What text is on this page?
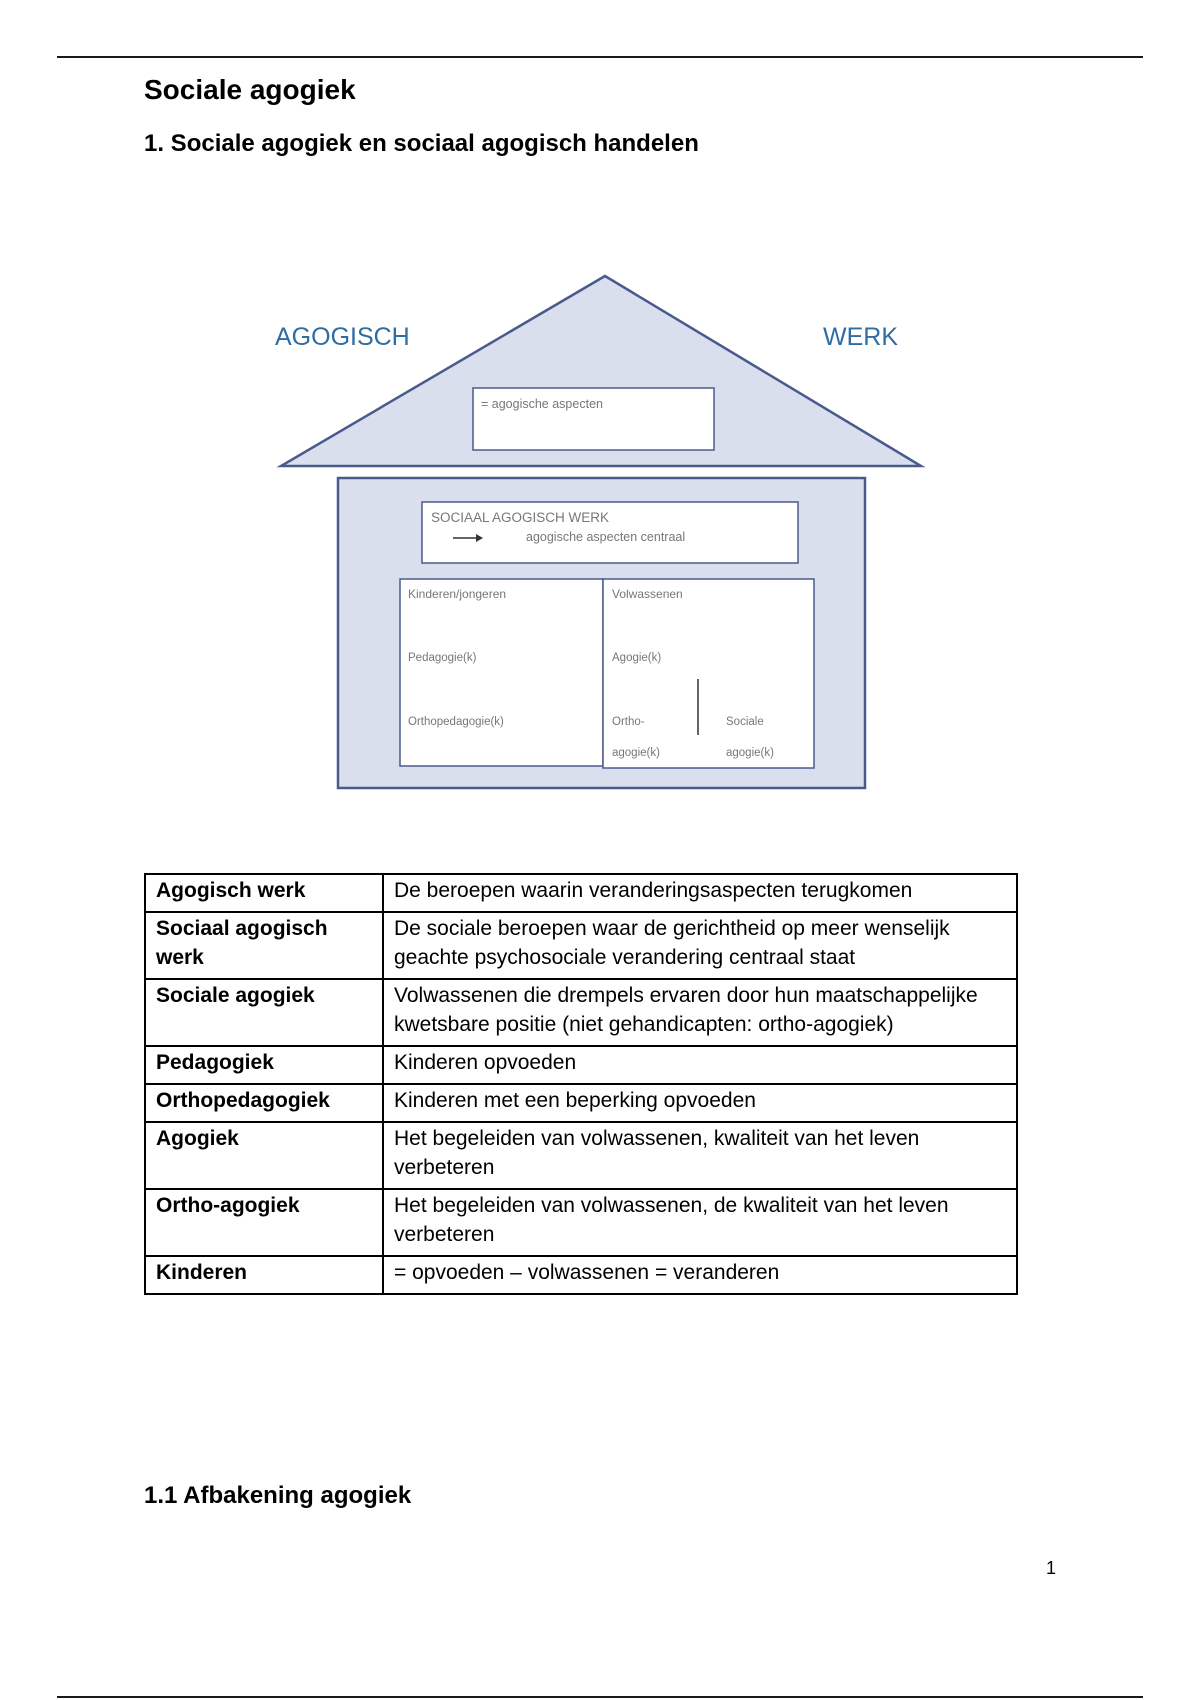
Sociale agogiek
1. Sociale agogiek en sociaal agogisch handelen
AGOGISCH	WERK
= agogische aspecten
SOCIAAL AGOGISCH WERK
agogische aspecten centraal
Kinderen/jongeren
Pedagogie(k)
Orthopedagogie(k)
Volwassenen
Agogie(k)
Ortho-
agogie(k)
Sociale
agogie(k)
Agogisch werk	De beroepen waarin veranderingsaspecten terugkomen
Sociaal agogisch werk	De sociale beroepen waar de gerichtheid op meer wenselijk geachte psychosociale verandering centraal staat
Sociale agogiek	Volwassenen die drempels ervaren door hun maatschappelijke kwetsbare positie (niet gehandicapten: ortho-agogiek)
Pedagogiek	Kinderen opvoeden
Orthopedagogiek	Kinderen met een beperking opvoeden
Agogiek	Het begeleiden van volwassenen, kwaliteit van het leven verbeteren
Ortho-agogiek	Het begeleiden van volwassenen, de kwaliteit van het leven verbeteren
Kinderen	= opvoeden – volwassenen = veranderen
1.1 Afbakening agogiek
1
